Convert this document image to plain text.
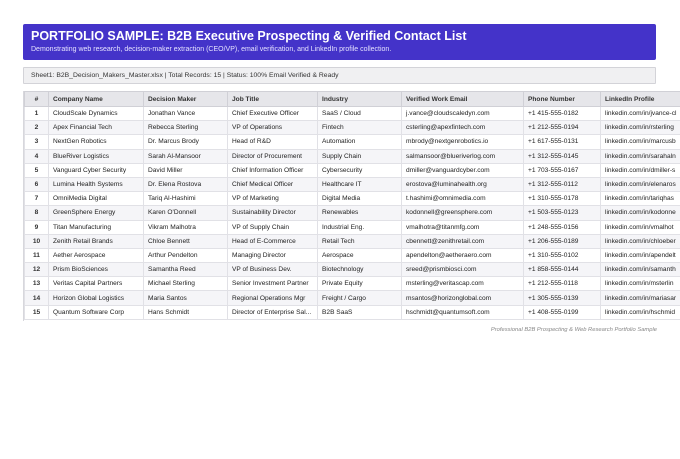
PORTFOLIO SAMPLE: B2B Executive Prospecting & Verified Contact List

Demonstrating web research, decision-maker extraction (CEO/VP), email verification, and LinkedIn profile collection.

Sheet1: B2B_Decision_Makers_Master.xlsx | Total Records: 15 | Status: 100% Email Verified & Ready
#	Company Name	Decision Maker	Job Title	Industry	Verified Work Email	Phone Number	LinkedIn Profile
1	CloudScale Dynamics	Jonathan Vance	Chief Executive Officer	SaaS / Cloud	j.vance@cloudscaledyn.com	+1 415-555-0182	linkedin.com/in/jvance-cl
2	Apex Financial Tech	Rebecca Sterling	VP of Operations	Fintech	csterling@apexfintech.com	+1 212-555-0194	linkedin.com/in/rsterling
3	NextGen Robotics	Dr. Marcus Brody	Head of R&D	Automation	mbrody@nextgenrobotics.io	+1 617-555-0131	linkedin.com/in/marcusb
4	BlueRiver Logistics	Sarah Al-Mansoor	Director of Procurement	Supply Chain	salmansoor@blueriverlog.com	+1 312-555-0145	linkedin.com/in/sarahaln
5	Vanguard Cyber Security	David Miller	Chief Information Officer	Cybersecurity	dmiller@vanguardcyber.com	+1 703-555-0167	linkedin.com/in/dmiller-s
6	Lumina Health Systems	Dr. Elena Rostova	Chief Medical Officer	Healthcare IT	erostova@luminahealth.org	+1 312-555-0112	linkedin.com/in/elenaros
7	OmniMedia Digital	Tariq Al-Hashimi	VP of Marketing	Digital Media	t.hashimi@omnimedia.com	+1 310-555-0178	linkedin.com/in/tariqhas
8	GreenSphere Energy	Karen O'Donnell	Sustainability Director	Renewables	kodonnell@greensphere.com	+1 503-555-0123	linkedin.com/in/kodonne
9	Titan Manufacturing	Vikram Malhotra	VP of Supply Chain	Industrial Eng.	vmalhotra@titanmfg.com	+1 248-555-0156	linkedin.com/in/vmalhot
10	Zenith Retail Brands	Chloe Bennett	Head of E-Commerce	Retail Tech	cbennett@zenithretail.com	+1 206-555-0189	linkedin.com/in/chloeber
11	Aether Aerospace	Arthur Pendelton	Managing Director	Aerospace	apendelton@aetheraero.com	+1 310-555-0102	linkedin.com/in/apendelt
12	Prism BioSciences	Samantha Reed	VP of Business Dev.	Biotechnology	sreed@prismbiosci.com	+1 858-555-0144	linkedin.com/in/samanth
13	Veritas Capital Partners	Michael Sterling	Senior Investment Partner	Private Equity	msterling@veritascap.com	+1 212-555-0118	linkedin.com/in/msterlin
14	Horizon Global Logistics	Maria Santos	Regional Operations Mgr	Freight / Cargo	msantos@horizonglobal.com	+1 305-555-0139	linkedin.com/in/mariasar
15	Quantum Software Corp	Hans Schmidt	Director of Enterprise Sal...	B2B SaaS	hschmidt@quantumsoft.com	+1 408-555-0199	linkedin.com/in/hschmid
Professional B2B Prospecting & Web Research Portfolio Sample
